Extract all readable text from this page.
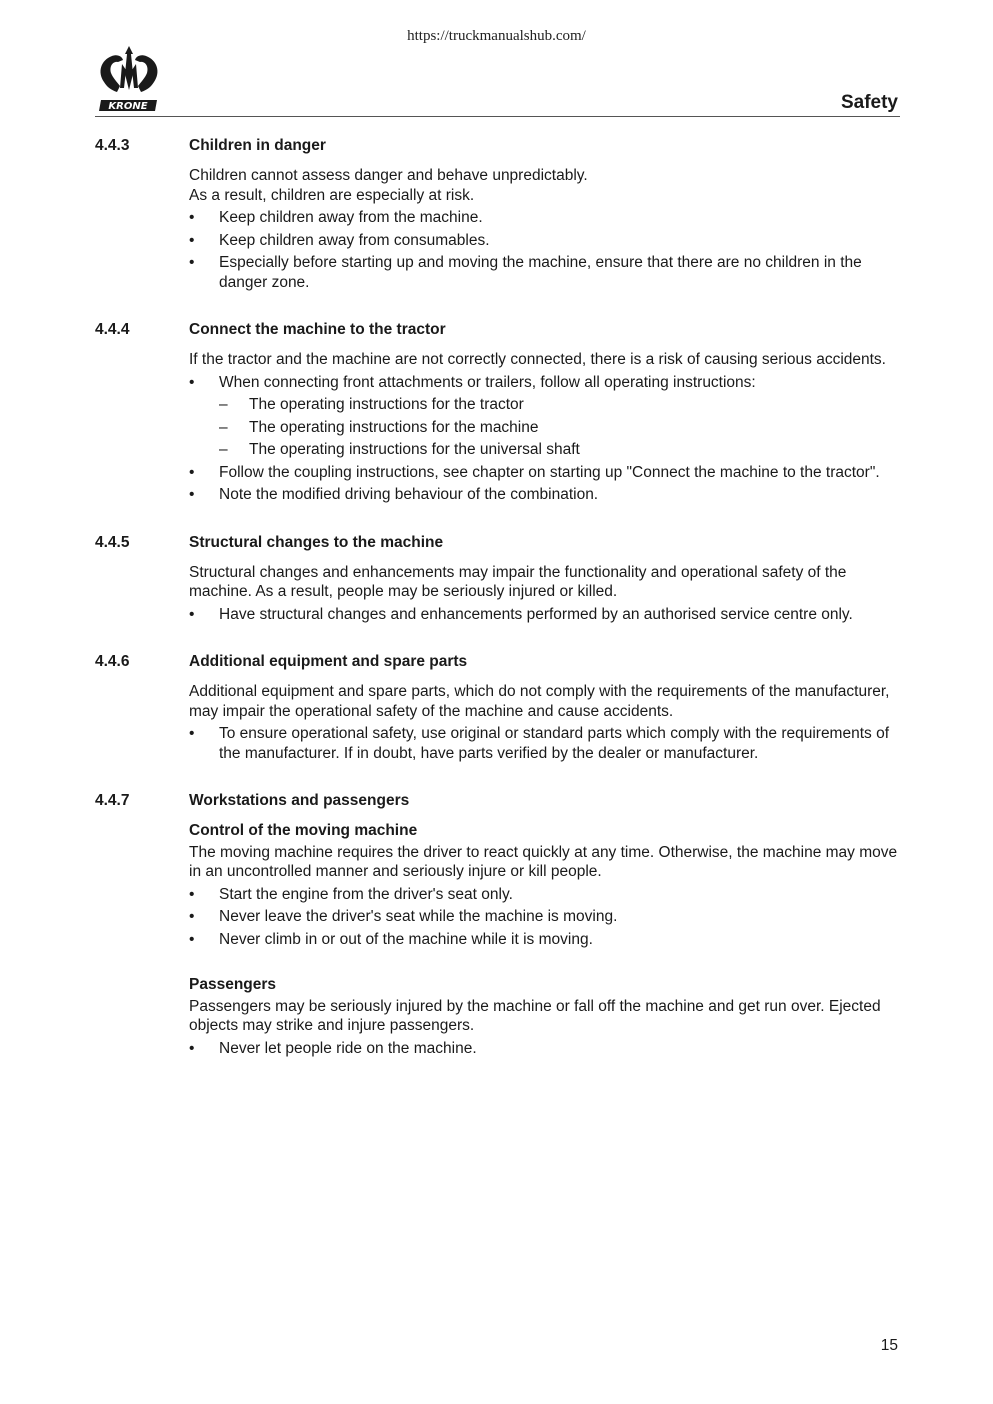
https://truckmanualshub.com/
KRONE	Safety
4.4.3	Children in danger

Children cannot assess danger and behave unpredictably.

As a result, children are especially at risk.

• Keep children away from the machine.
• Keep children away from consumables.
• Especially before starting up and moving the machine, ensure that there are no children in the danger zone.
4.4.4	Connect the machine to the tractor

If the tractor and the machine are not correctly connected, there is a risk of causing serious accidents.

• When connecting front attachments or trailers, follow all operating instructions:
– The operating instructions for the tractor
– The operating instructions for the machine
– The operating instructions for the universal shaft
• Follow the coupling instructions, see chapter on starting up "Connect the machine to the tractor".
• Note the modified driving behaviour of the combination.
4.4.5	Structural changes to the machine

Structural changes and enhancements may impair the functionality and operational safety of the machine. As a result, people may be seriously injured or killed.

• Have structural changes and enhancements performed by an authorised service centre only.
4.4.6	Additional equipment and spare parts

Additional equipment and spare parts, which do not comply with the requirements of the manufacturer, may impair the operational safety of the machine and cause accidents.

• To ensure operational safety, use original or standard parts which comply with the requirements of the manufacturer. If in doubt, have parts verified by the dealer or manufacturer.
4.4.7	Workstations and passengers
Control of the moving machine

The moving machine requires the driver to react quickly at any time. Otherwise, the machine may move in an uncontrolled manner and seriously injure or kill people.

• Start the engine from the driver's seat only.
• Never leave the driver's seat while the machine is moving.
• Never climb in or out of the machine while it is moving.
Passengers

Passengers may be seriously injured by the machine or fall off the machine and get run over. Ejected objects may strike and injure passengers.

• Never let people ride on the machine.
15
